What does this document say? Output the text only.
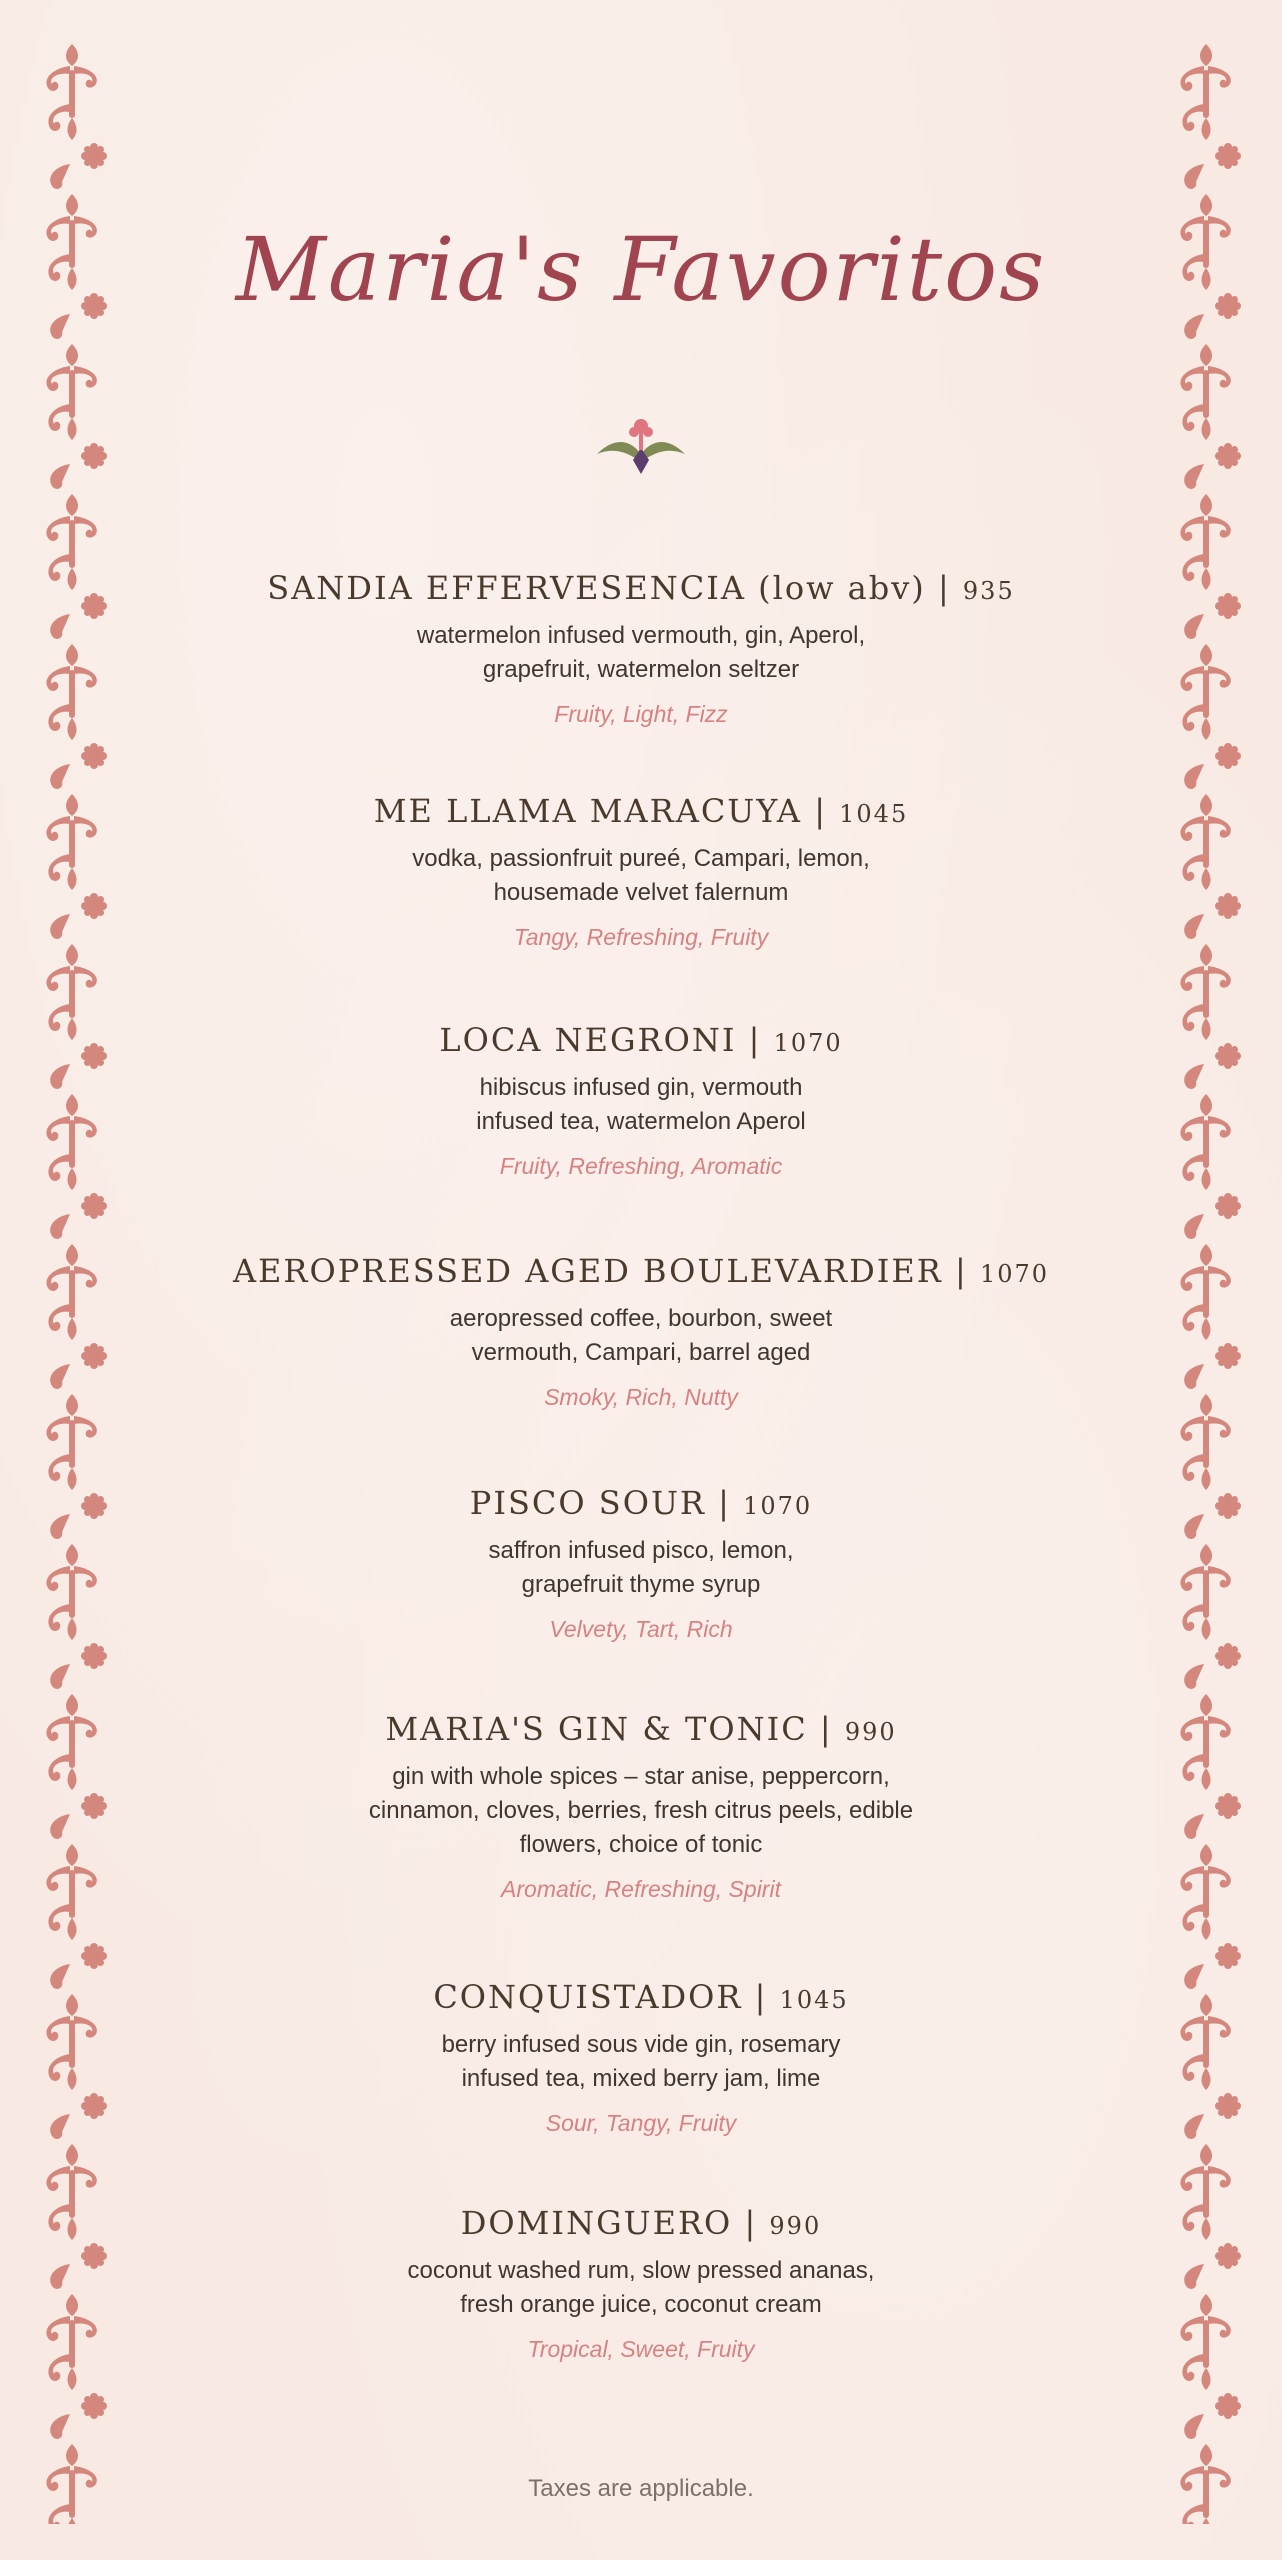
Maria's Favoritos
SANDIA EFFERVESENCIA (low abv) | 935
watermelon infused vermouth, gin, Aperol,
grapefruit, watermelon seltzer
Fruity, Light, Fizz
ME LLAMA MARACUYA | 1045
vodka, passionfruit pureé, Campari, lemon,
housemade velvet falernum
Tangy, Refreshing, Fruity
LOCA NEGRONI | 1070
hibiscus infused gin, vermouth
infused tea, watermelon Aperol
Fruity, Refreshing, Aromatic
AEROPRESSED AGED BOULEVARDIER | 1070
aeropressed coffee, bourbon, sweet
vermouth, Campari, barrel aged
Smoky, Rich, Nutty
PISCO SOUR | 1070
saffron infused pisco, lemon,
grapefruit thyme syrup
Velvety, Tart, Rich
MARIA'S GIN & TONIC | 990
gin with whole spices – star anise, peppercorn,
cinnamon, cloves, berries, fresh citrus peels, edible
flowers, choice of tonic
Aromatic, Refreshing, Spirit
CONQUISTADOR | 1045
berry infused sous vide gin, rosemary
infused tea, mixed berry jam, lime
Sour, Tangy, Fruity
DOMINGUERO | 990
coconut washed rum, slow pressed ananas,
fresh orange juice, coconut cream
Tropical, Sweet, Fruity
Taxes are applicable.
